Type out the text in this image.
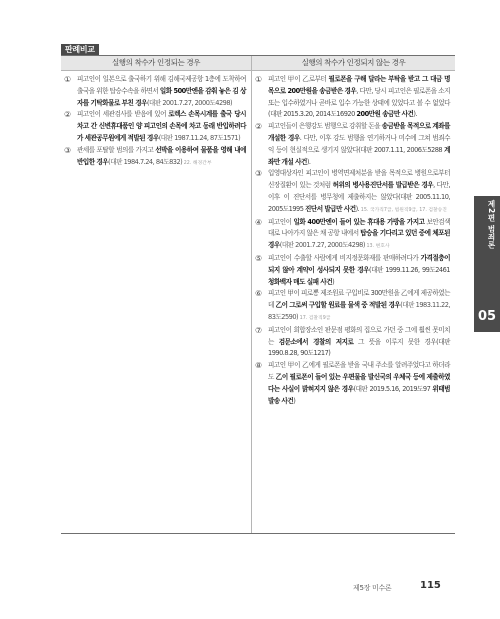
판례비교
실행의 착수가 인정되는 경우	실행의 착수가 인정되지 않는 경우
① 피고인이 일본으로 출국하기 위해 김해국제공항 1층에 도착하여 출국을 위한 탑승수속을 하면서 일화 500만엔을 감춰 놓은 김 상자를 기탁화물로 부친 경우(대판 2001.7.27, 2000도4298)
② 피고인이 세관검사를 받음에 있어 로렉스 손목시계를 출국 당시 차고 간 신변휴대품인 양 피고인의 손목에 차고 동래 반입하려다가 세관공무원에게 적발된 경우(대판 1987.11.24, 87도1571)
③ 관세를 포탈할 범의를 가지고 선박을 이용하여 물품을 영해 내에 반입한 경우(대판 1984.7.24, 84도832) 22. 해경간부
① 피고인 甲이 乙로부터 필로폰을 구해 달라는 부탁을 받고 그 대금 명목으로 200만원을 송금받은 경우, 다만, 당시 피고인은 필로폰을 소지 또는 입수하였거나 곧바로 입수 가능한 상태에 있었다고 볼 수 없었다(대판 2015.3.20, 2014도16920 200만원 송금만 사건).
② 피고인들이 은행강도 범행으로 강취할 돈을 송금받을 목적으로 계좌를 개설한 경우. 다만, 이후 강도 범행을 연기하거나 미수에 그쳐 범죄수익 등이 현실적으로 생기지 않았다(대판 2007.1.11, 2006도5288 계좌만 개설 사건).
③ 입영대상자인 피고인이 병역면제처분을 받을 목적으로 병원으로부터 신장질환이 있는 것처럼 허위의 병사용진단서를 발급받은 경우, 다만, 이후 이 진단서를 병무청에 제출하지는 않았다(대판 2005.11.10, 2005도1995 진단서 발급만 사건). 15. 국가직7급, 법원직9급, 17. 검찰승진
④ 피고인이 일화 400만엔이 들어 있는 휴대용 가방을 가지고 보안검색대로 나아가지 않은 채 공항 내에서 탑승을 기다리고 있던 중에 체포된 경우(대판 2001.7.27, 2000도4298) 13. 변호사
⑤ 피고인이 수출할 사람에게 비지정문화재를 판매하려다가 가격절충이 되지 않아 계약이 성사되지 못한 경우(대판 1999.11.26, 99도2461 청화백자 매도 실패 사건)
⑥ 피고인 甲이 피로뽕 제조원료 구입비로 300만원을 乙에게 제공하였는데 乙이 그로써 구입할 원료를 물색 중 적발된 경우(대판 1983.11.22, 83도2590) 17. 검찰직9급
⑦ 피고인이 회합장소인 판문점 평화의 집으로 가던 중 그에 훨씬 못미치는 검문소에서 경찰의 저지로 그 뜻을 이루지 못한 경우(대판 1990.8.28, 90도1217)
⑧ 피고인 甲이 乙에게 필로폰을 받을 국내 주소를 알려주었다고 하더라도 乙이 필로폰이 들어 있는 우편물을 발신국의 우체국 등에 제출하였다는 사실이 밝혀지지 않은 경우(대판 2019.5.16, 2019도97 위태범 발송 사건)
제2편 범죄론
05
제5장 미수론	115
